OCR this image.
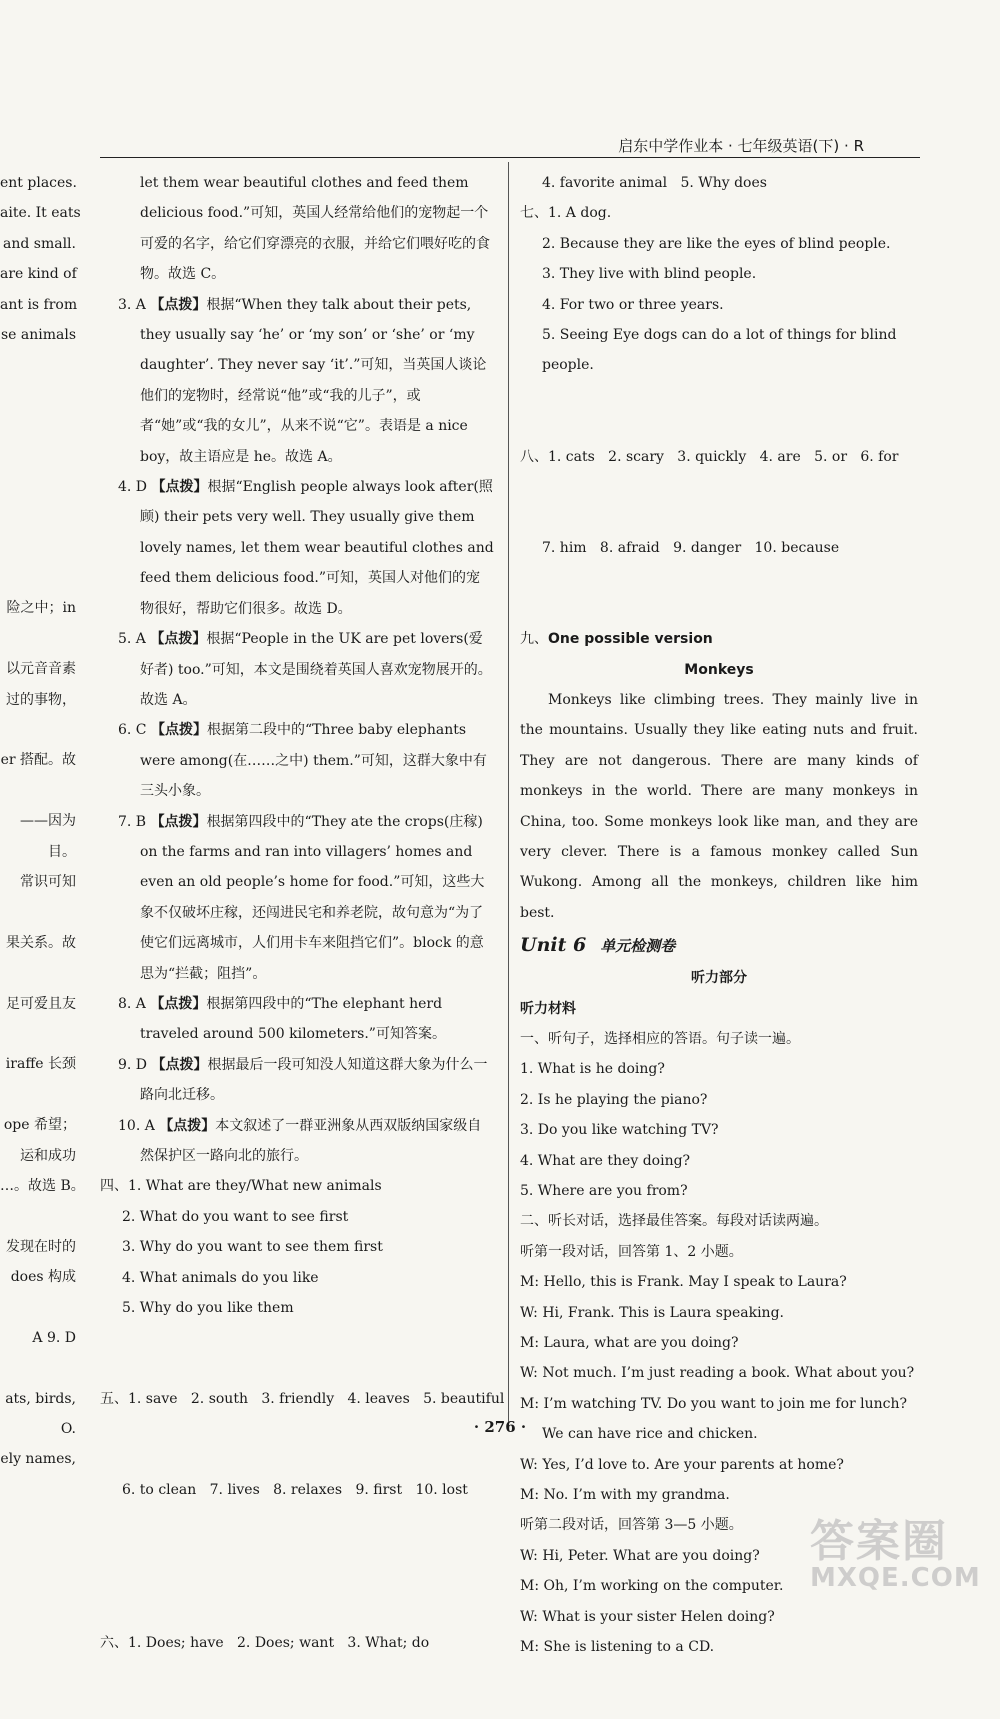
启东中学作业本 · 七年级英语(下) · R
ent places.
aite. It eats
and small.
are kind of
ant is from
se animals
险之中；in
以元音音素
过的事物，
er 搭配。故
——因为
目。
常识可知
果关系。故
足可爱且友
iraffe 长颈
ope 希望；
运和成功
…。故选 B。
发现在时的
does 构成
A 9. D
ats, birds,
O.
ely names,
let them wear beautiful clothes and feed them delicious food.”可知，英国人经常给他们的宠物起一个可爱的名字，给它们穿漂亮的衣服，并给它们喂好吃的食物。故选 C。
3. A 【点拨】根据“When they talk about their pets, they usually say ‘he’ or ‘my son’ or ‘she’ or ‘my daughter’. They never say ‘it’.”可知，当英国人谈论他们的宠物时，经常说“他”或“我的儿子”，或者“她”或“我的女儿”，从来不说“它”。表语是 a nice boy，故主语应是 he。故选 A。
4. D 【点拨】根据“English people always look after(照顾) their pets very well. They usually give them lovely names, let them wear beautiful clothes and feed them delicious food.”可知，英国人对他们的宠物很好，帮助它们很多。故选 D。
5. A 【点拨】根据“People in the UK are pet lovers(爱好者) too.”可知，本文是围绕着英国人喜欢宠物展开的。故选 A。
6. C 【点拨】根据第二段中的“Three baby elephants were among(在……之中) them.”可知，这群大象中有三头小象。
7. B 【点拨】根据第四段中的“They ate the crops(庄稼) on the farms and ran into villagers’ homes and even an old people’s home for food.”可知，这些大象不仅破坏庄稼，还闯进民宅和养老院，故句意为“为了使它们远离城市，人们用卡车来阻挡它们”。block 的意思为“拦截；阻挡”。
8. A 【点拨】根据第四段中的“The elephant herd traveled around 500 kilometers.”可知答案。
9. D 【点拨】根据最后一段可知没人知道这群大象为什么一路向北迁移。
10. A 【点拨】本文叙述了一群亚洲象从西双版纳国家级自然保护区一路向北的旅行。
四、1. What are they/What new animals
2. What do you want to see first
3. Why do you want to see them first
4. What animals do you like
5. Why do you like them

五、1. save   2. south   3. friendly   4. leaves   5. beautiful

6. to clean   7. lives   8. relaxes   9. first   10. lost

六、1. Does; have   2. Does; want   3. What; do

4. favorite animal   5. Why does
七、1. A dog.
2. Because they are like the eyes of blind people.
3. They live with blind people.
4. For two or three years.
5. Seeing Eye dogs can do a lot of things for blind people.

八、1. cats   2. scary   3. quickly   4. are   5. or   6. for

7. him   8. afraid   9. danger   10. because

九、One possible version
Monkeys
Monkeys like climbing trees. They mainly live in the mountains. Usually they like eating nuts and fruit. They are not dangerous. There are many kinds of monkeys in the world. There are many monkeys in China, too. Some monkeys look like man, and they are very clever. There is a famous monkey called Sun Wukong. Among all the monkeys, children like him best.
Unit 6 单元检测卷
听力部分
听力材料
一、听句子，选择相应的答语。句子读一遍。
1. What is he doing?
2. Is he playing the piano?
3. Do you like watching TV?
4. What are they doing?
5. Where are you from?
二、听长对话，选择最佳答案。每段对话读两遍。
听第一段对话，回答第 1、2 小题。
M: Hello, this is Frank. May I speak to Laura?
W: Hi, Frank. This is Laura speaking.
M: Laura, what are you doing?
W: Not much. I’m just reading a book. What about you?
M: I’m watching TV. Do you want to join me for lunch? We can have rice and chicken.
W: Yes, I’d love to. Are your parents at home?
M: No. I’m with my grandma.
听第二段对话，回答第 3—5 小题。
W: Hi, Peter. What are you doing?
M: Oh, I’m working on the computer.
W: What is your sister Helen doing?
M: She is listening to a CD.
· 276 ·
答案圈
MXQE.COM
